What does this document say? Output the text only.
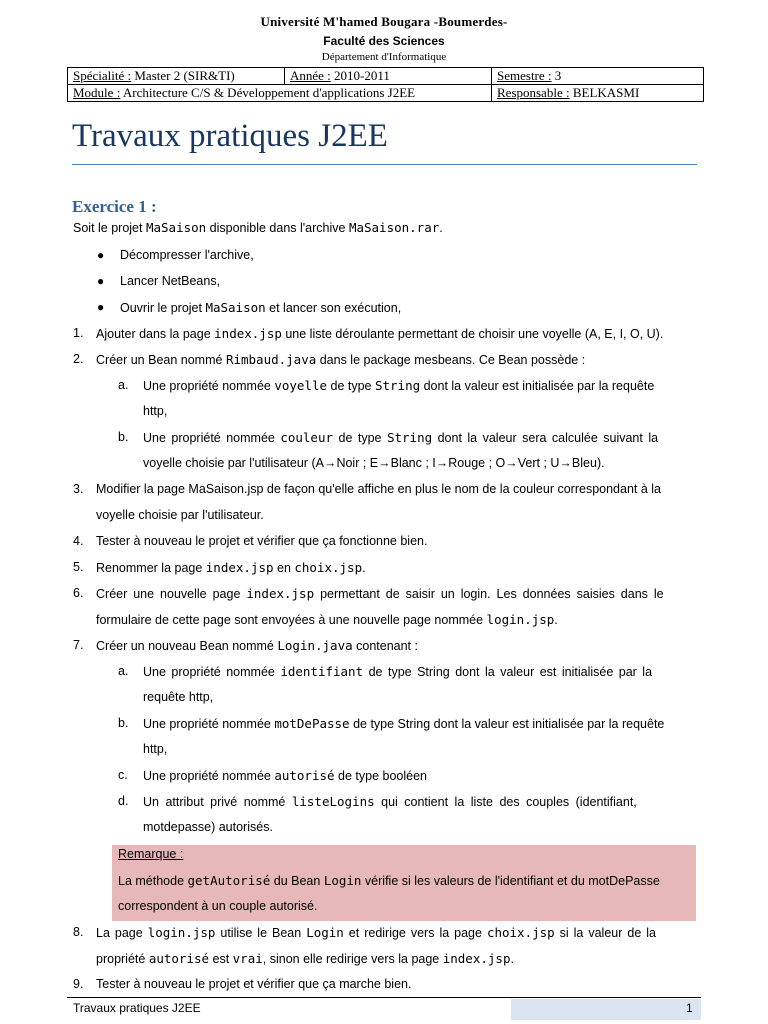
Université M'hamed Bougara -Boumerdes-
Faculté des Sciences
Département d'Informatique
Spécialité : Master 2 (SIR&TI)	Année : 2010-2011	Semestre : 3
Module : Architecture C/S & Développement d'applications J2EE		Responsable : BELKASMI
Travaux pratiques J2EE
Exercice 1 :
Soit le projet MaSaison disponible dans l'archive MaSaison.rar.
● Décompresser l'archive,
● Lancer NetBeans,
● Ouvrir le projet MaSaison et lancer son exécution,
1. Ajouter dans la page index.jsp une liste déroulante permettant de choisir une voyelle (A, E, I, O, U).
2. Créer un Bean nommé Rimbaud.java dans le package mesbeans. Ce Bean possède :
a. Une propriété nommée voyelle de type String dont la valeur est initialisée par la requête
http,
b. Une propriété nommée couleur de type String dont la valeur sera calculée suivant la
voyelle choisie par l'utilisateur (A→Noir ; E→Blanc ; I→Rouge ; O→Vert ; U→Bleu).
3. Modifier la page MaSaison.jsp de façon qu'elle affiche en plus le nom de la couleur correspondant à la
voyelle choisie par l'utilisateur.
4. Tester à nouveau le projet et vérifier que ça fonctionne bien.
5. Renommer la page index.jsp en choix.jsp.
6. Créer une nouvelle page index.jsp permettant de saisir un login. Les données saisies dans le
formulaire de cette page sont envoyées à une nouvelle page nommée login.jsp.
7. Créer un nouveau Bean nommé Login.java contenant :
a. Une propriété nommée identifiant de type String dont la valeur est initialisée par la
requête http,
b. Une propriété nommée motDePasse de type String dont la valeur est initialisée par la requête
http,
c. Une propriété nommée autorisé de type booléen
d. Un attribut privé nommé listeLogins qui contient la liste des couples (identifiant,
motdepasse) autorisés.
Remarque :
La méthode getAutorisé du Bean Login vérifie si les valeurs de l'identifiant et du motDePasse
correspondent à un couple autorisé.
8. La page login.jsp utilise le Bean Login et redirige vers la page choix.jsp si la valeur de la
propriété autorisé est vrai, sinon elle redirige vers la page index.jsp.
9. Tester à nouveau le projet et vérifier que ça marche bien.
Travaux pratiques J2EE	1
